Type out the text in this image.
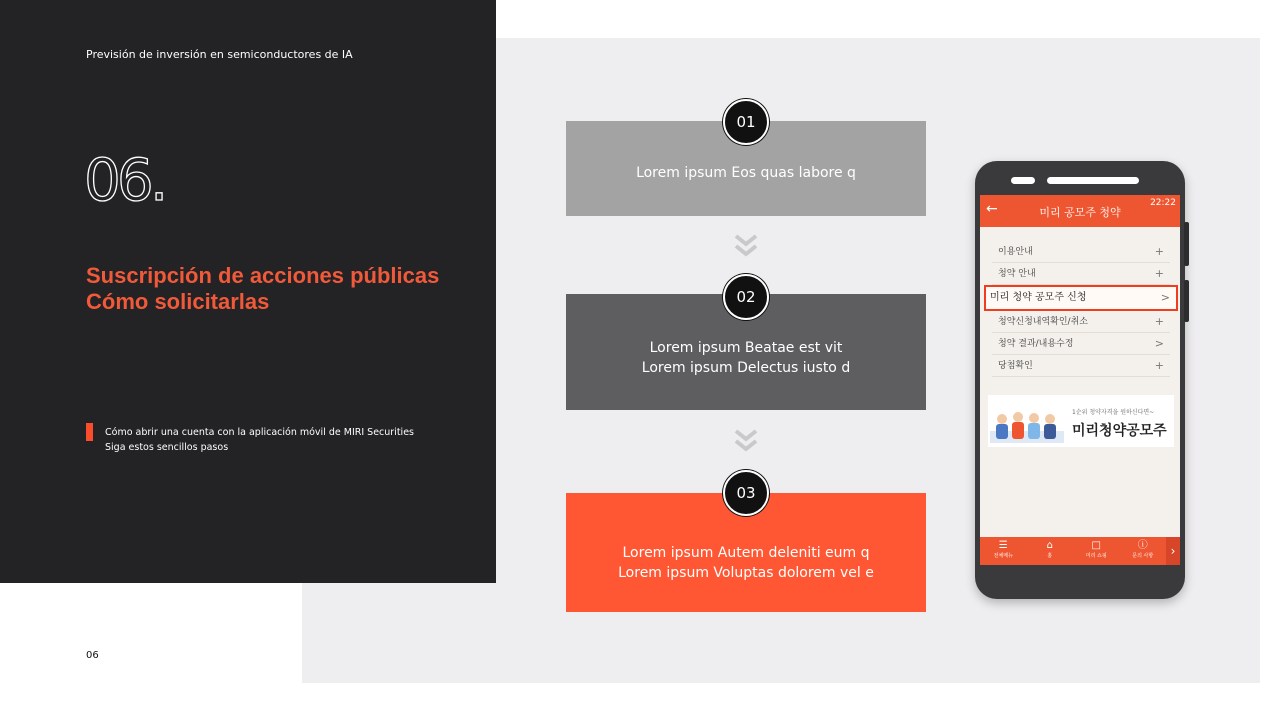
Previsión de inversión en semiconductores de IA
06.
Suscripción de acciones públicas
Cómo solicitarlas
Cómo abrir una cuenta con la aplicación móvil de MIRI Securities
Siga estos sencillos pasos
06
Lorem ipsum Eos quas labore q
01
Lorem ipsum Beatae est vit
Lorem ipsum Delectus iusto d
02
Lorem ipsum Autem deleniti eum q
Lorem ipsum Voluptas dolorem vel e
03
←	미리 공모주 청약
22:22
이용안내	+
청약 안내	+
미리 청약 공모주 신청	>
청약신청내역확인/취소	+
청약 결과/내용수정	>
당첨확인	+
1순위 청약자격을 원하신다면~
미리청약공모주
☰
전체메뉴
⌂
홈
□
미리 쇼핑
ⓘ
문의 사항	›
